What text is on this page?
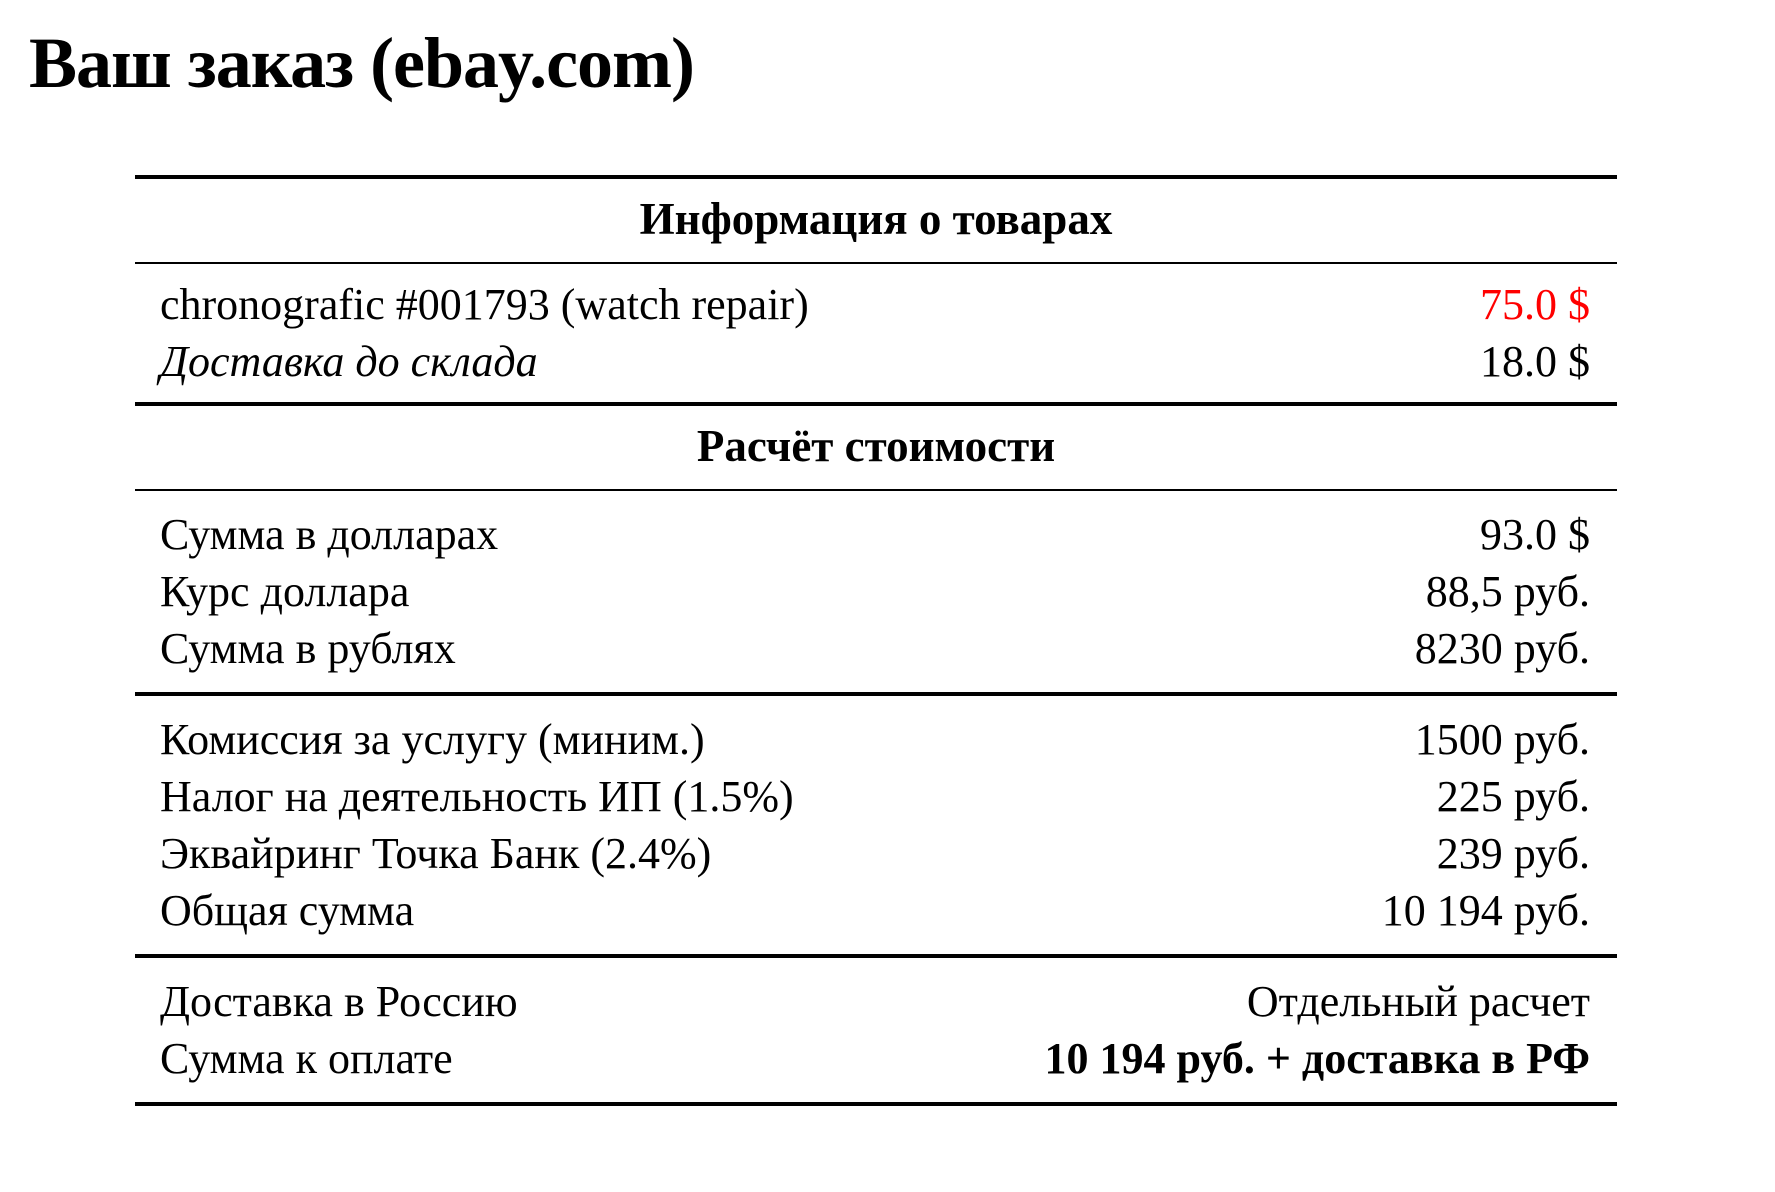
Ваш заказ (ebay.com)
Информация о товарах
chronografic #001793 (watch repair)	75.0 $
Доставка до склада	18.0 $
Расчёт стоимости
Сумма в долларах	93.0 $
Курс доллара	88,5 руб.
Сумма в рублях	8230 руб.
Комиссия за услугу (миним.)	1500 руб.
Налог на деятельность ИП (1.5%)	225 руб.
Эквайринг Точка Банк (2.4%)	239 руб.
Общая сумма	10 194 руб.
Доставка в Россию	Отдельный расчет
Сумма к оплате	10 194 руб. + доставка в РФ
